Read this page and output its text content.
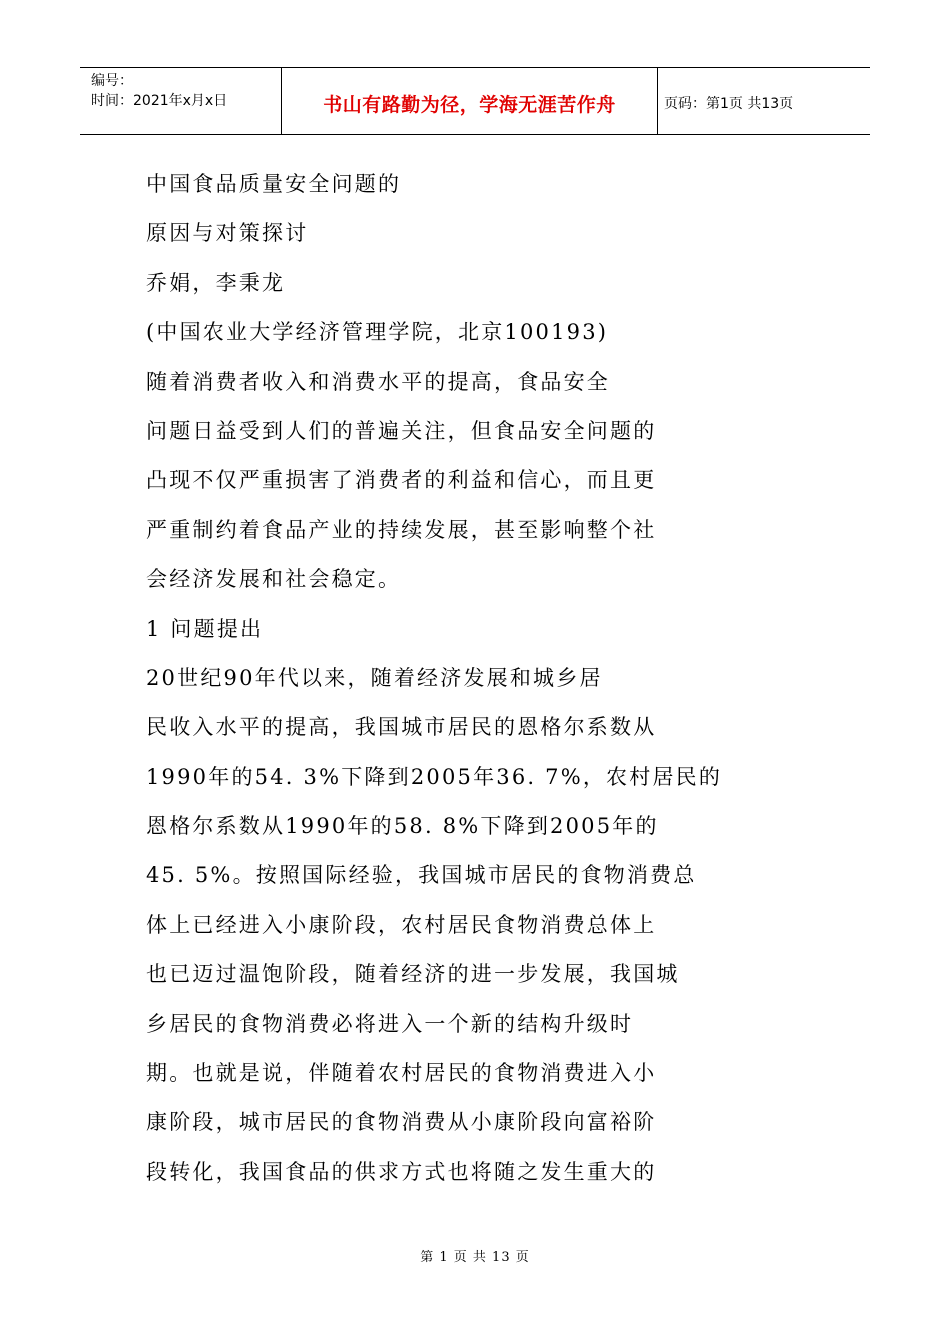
编号：
时间：2021年x月x日	书山有路勤为径，学海无涯苦作舟	页码：第1页 共13页

中国食品质量安全问题的

原因与对策探讨

乔娟，李秉龙

(中国农业大学经济管理学院，北京100193)

随着消费者收入和消费水平的提高，食品安全

问题日益受到人们的普遍关注，但食品安全问题的

凸现不仅严重损害了消费者的利益和信心，而且更

严重制约着食品产业的持续发展，甚至影响整个社

会经济发展和社会稳定。

1 问题提出

20世纪90年代以来，随着经济发展和城乡居

民收入水平的提高，我国城市居民的恩格尔系数从

1990年的54. 3%下降到2005年36. 7%，农村居民的

恩格尔系数从1990年的58. 8%下降到2005年的

45. 5%。按照国际经验，我国城市居民的食物消费总

体上已经进入小康阶段，农村居民食物消费总体上

也已迈过温饱阶段，随着经济的进一步发展，我国城

乡居民的食物消费必将进入一个新的结构升级时

期。也就是说，伴随着农村居民的食物消费进入小

康阶段，城市居民的食物消费从小康阶段向富裕阶

段转化，我国食品的供求方式也将随之发生重大的

第 1 页 共 13 页
